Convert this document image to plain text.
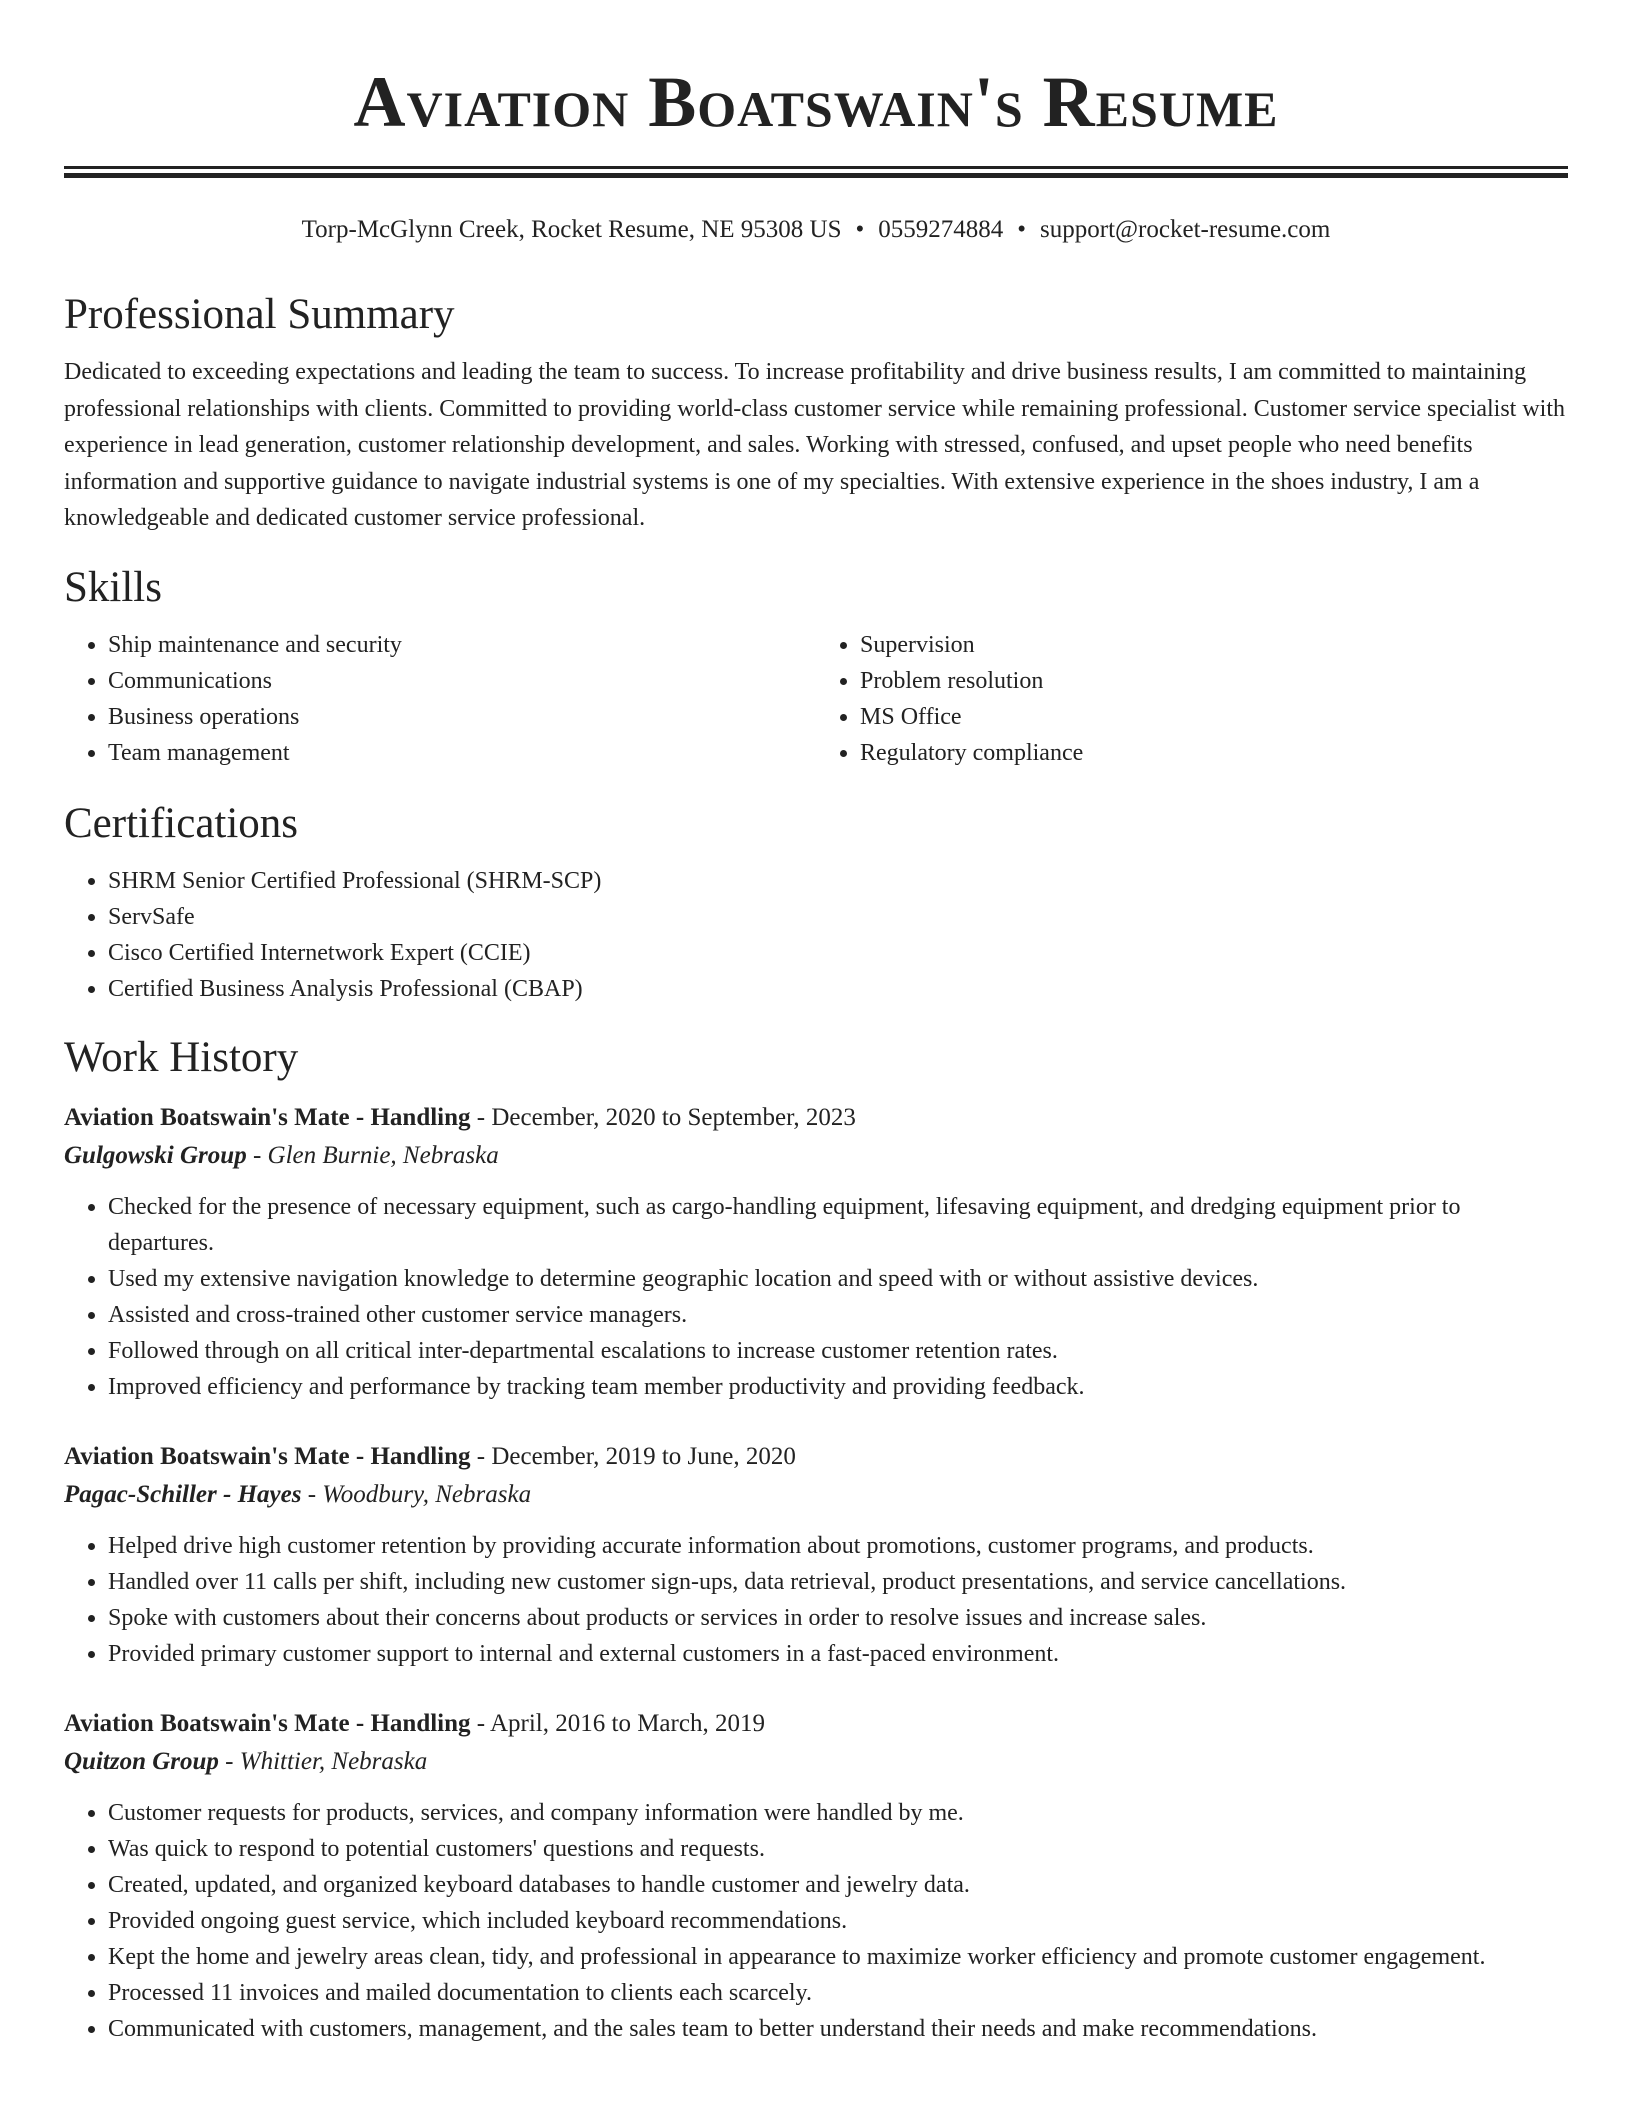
Aviation Boatswain's Resume
Torp-McGlynn Creek, Rocket Resume, NE 95308 US • 0559274884 • support@rocket-resume.com
Professional Summary

Dedicated to exceeding expectations and leading the team to success. To increase profitability and drive business results, I am committed to maintaining professional relationships with clients. Committed to providing world-class customer service while remaining professional. Customer service specialist with experience in lead generation, customer relationship development, and sales. Working with stressed, confused, and upset people who need benefits information and supportive guidance to navigate industrial systems is one of my specialties. With extensive experience in the shoes industry, I am a knowledgeable and dedicated customer service professional.

Skills
• Ship maintenance and security
• Communications
• Business operations
• Team management
• Supervision
• Problem resolution
• MS Office
• Regulatory compliance
Certifications
• SHRM Senior Certified Professional (SHRM-SCP)
• ServSafe
• Cisco Certified Internetwork Expert (CCIE)
• Certified Business Analysis Professional (CBAP)
Work History
Aviation Boatswain's Mate - Handling - December, 2020 to September, 2023
Gulgowski Group - Glen Burnie, Nebraska
• Checked for the presence of necessary equipment, such as cargo-handling equipment, lifesaving equipment, and dredging equipment prior to departures.
• Used my extensive navigation knowledge to determine geographic location and speed with or without assistive devices.
• Assisted and cross-trained other customer service managers.
• Followed through on all critical inter-departmental escalations to increase customer retention rates.
• Improved efficiency and performance by tracking team member productivity and providing feedback.
Aviation Boatswain's Mate - Handling - December, 2019 to June, 2020
Pagac-Schiller - Hayes - Woodbury, Nebraska
• Helped drive high customer retention by providing accurate information about promotions, customer programs, and products.
• Handled over 11 calls per shift, including new customer sign-ups, data retrieval, product presentations, and service cancellations.
• Spoke with customers about their concerns about products or services in order to resolve issues and increase sales.
• Provided primary customer support to internal and external customers in a fast-paced environment.
Aviation Boatswain's Mate - Handling - April, 2016 to March, 2019
Quitzon Group - Whittier, Nebraska
• Customer requests for products, services, and company information were handled by me.
• Was quick to respond to potential customers' questions and requests.
• Created, updated, and organized keyboard databases to handle customer and jewelry data.
• Provided ongoing guest service, which included keyboard recommendations.
• Kept the home and jewelry areas clean, tidy, and professional in appearance to maximize worker efficiency and promote customer engagement.
• Processed 11 invoices and mailed documentation to clients each scarcely.
• Communicated with customers, management, and the sales team to better understand their needs and make recommendations.
